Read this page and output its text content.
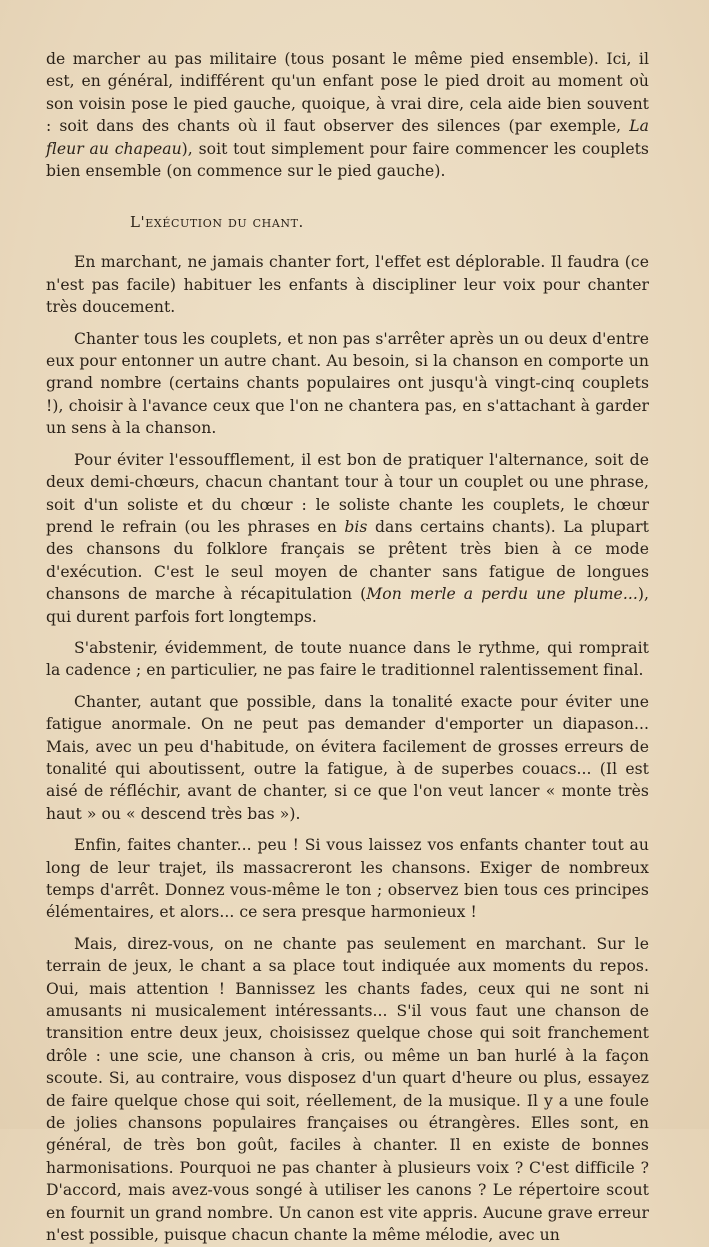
de marcher au pas militaire (tous posant le même pied ensemble). Ici, il est, en général, indifférent qu'un enfant pose le pied droit au moment où son voisin pose le pied gauche, quoique, à vrai dire, cela aide bien souvent : soit dans des chants où il faut observer des silences (par exemple, La fleur au chapeau), soit tout simplement pour faire commencer les couplets bien ensemble (on commence sur le pied gauche).

L'exécution du chant.

En marchant, ne jamais chanter fort, l'effet est déplorable. Il faudra (ce n'est pas facile) habituer les enfants à discipliner leur voix pour chanter très doucement.

Chanter tous les couplets, et non pas s'arrêter après un ou deux d'entre eux pour entonner un autre chant. Au besoin, si la chanson en comporte un grand nombre (certains chants populaires ont jusqu'à vingt-cinq couplets !), choisir à l'avance ceux que l'on ne chantera pas, en s'attachant à garder un sens à la chanson.

Pour éviter l'essoufflement, il est bon de pratiquer l'alternance, soit de deux demi-chœurs, chacun chantant tour à tour un couplet ou une phrase, soit d'un soliste et du chœur : le soliste chante les couplets, le chœur prend le refrain (ou les phrases en bis dans certains chants). La plupart des chansons du folklore français se prêtent très bien à ce mode d'exécution. C'est le seul moyen de chanter sans fatigue de longues chansons de marche à récapitulation (Mon merle a perdu une plume...), qui durent parfois fort longtemps.

S'abstenir, évidemment, de toute nuance dans le rythme, qui romprait la cadence ; en particulier, ne pas faire le traditionnel ralentissement final.

Chanter, autant que possible, dans la tonalité exacte pour éviter une fatigue anormale. On ne peut pas demander d'emporter un diapason... Mais, avec un peu d'habitude, on évitera facilement de grosses erreurs de tonalité qui aboutissent, outre la fatigue, à de superbes couacs... (Il est aisé de réfléchir, avant de chanter, si ce que l'on veut lancer « monte très haut » ou « descend très bas »).

Enfin, faites chanter... peu ! Si vous laissez vos enfants chanter tout au long de leur trajet, ils massacreront les chansons. Exiger de nombreux temps d'arrêt. Donnez vous-même le ton ; observez bien tous ces principes élémentaires, et alors... ce sera presque harmonieux !

Mais, direz-vous, on ne chante pas seulement en marchant. Sur le terrain de jeux, le chant a sa place tout indiquée aux moments du repos. Oui, mais attention ! Bannissez les chants fades, ceux qui ne sont ni amusants ni musicalement intéressants... S'il vous faut une chanson de transition entre deux jeux, choisissez quelque chose qui soit franchement drôle : une scie, une chanson à cris, ou même un ban hurlé à la façon scoute. Si, au contraire, vous disposez d'un quart d'heure ou plus, essayez de faire quelque chose qui soit, réellement, de la musique. Il y a une foule de jolies chansons populaires françaises ou étrangères. Elles sont, en général, de très bon goût, faciles à chanter. Il en existe de bonnes harmonisations. Pourquoi ne pas chanter à plusieurs voix ? C'est difficile ? D'accord, mais avez-vous songé à utiliser les canons ? Le répertoire scout en fournit un grand nombre. Un canon est vite appris. Aucune grave erreur n'est possible, puisque chacun chante la même mélodie, avec un
